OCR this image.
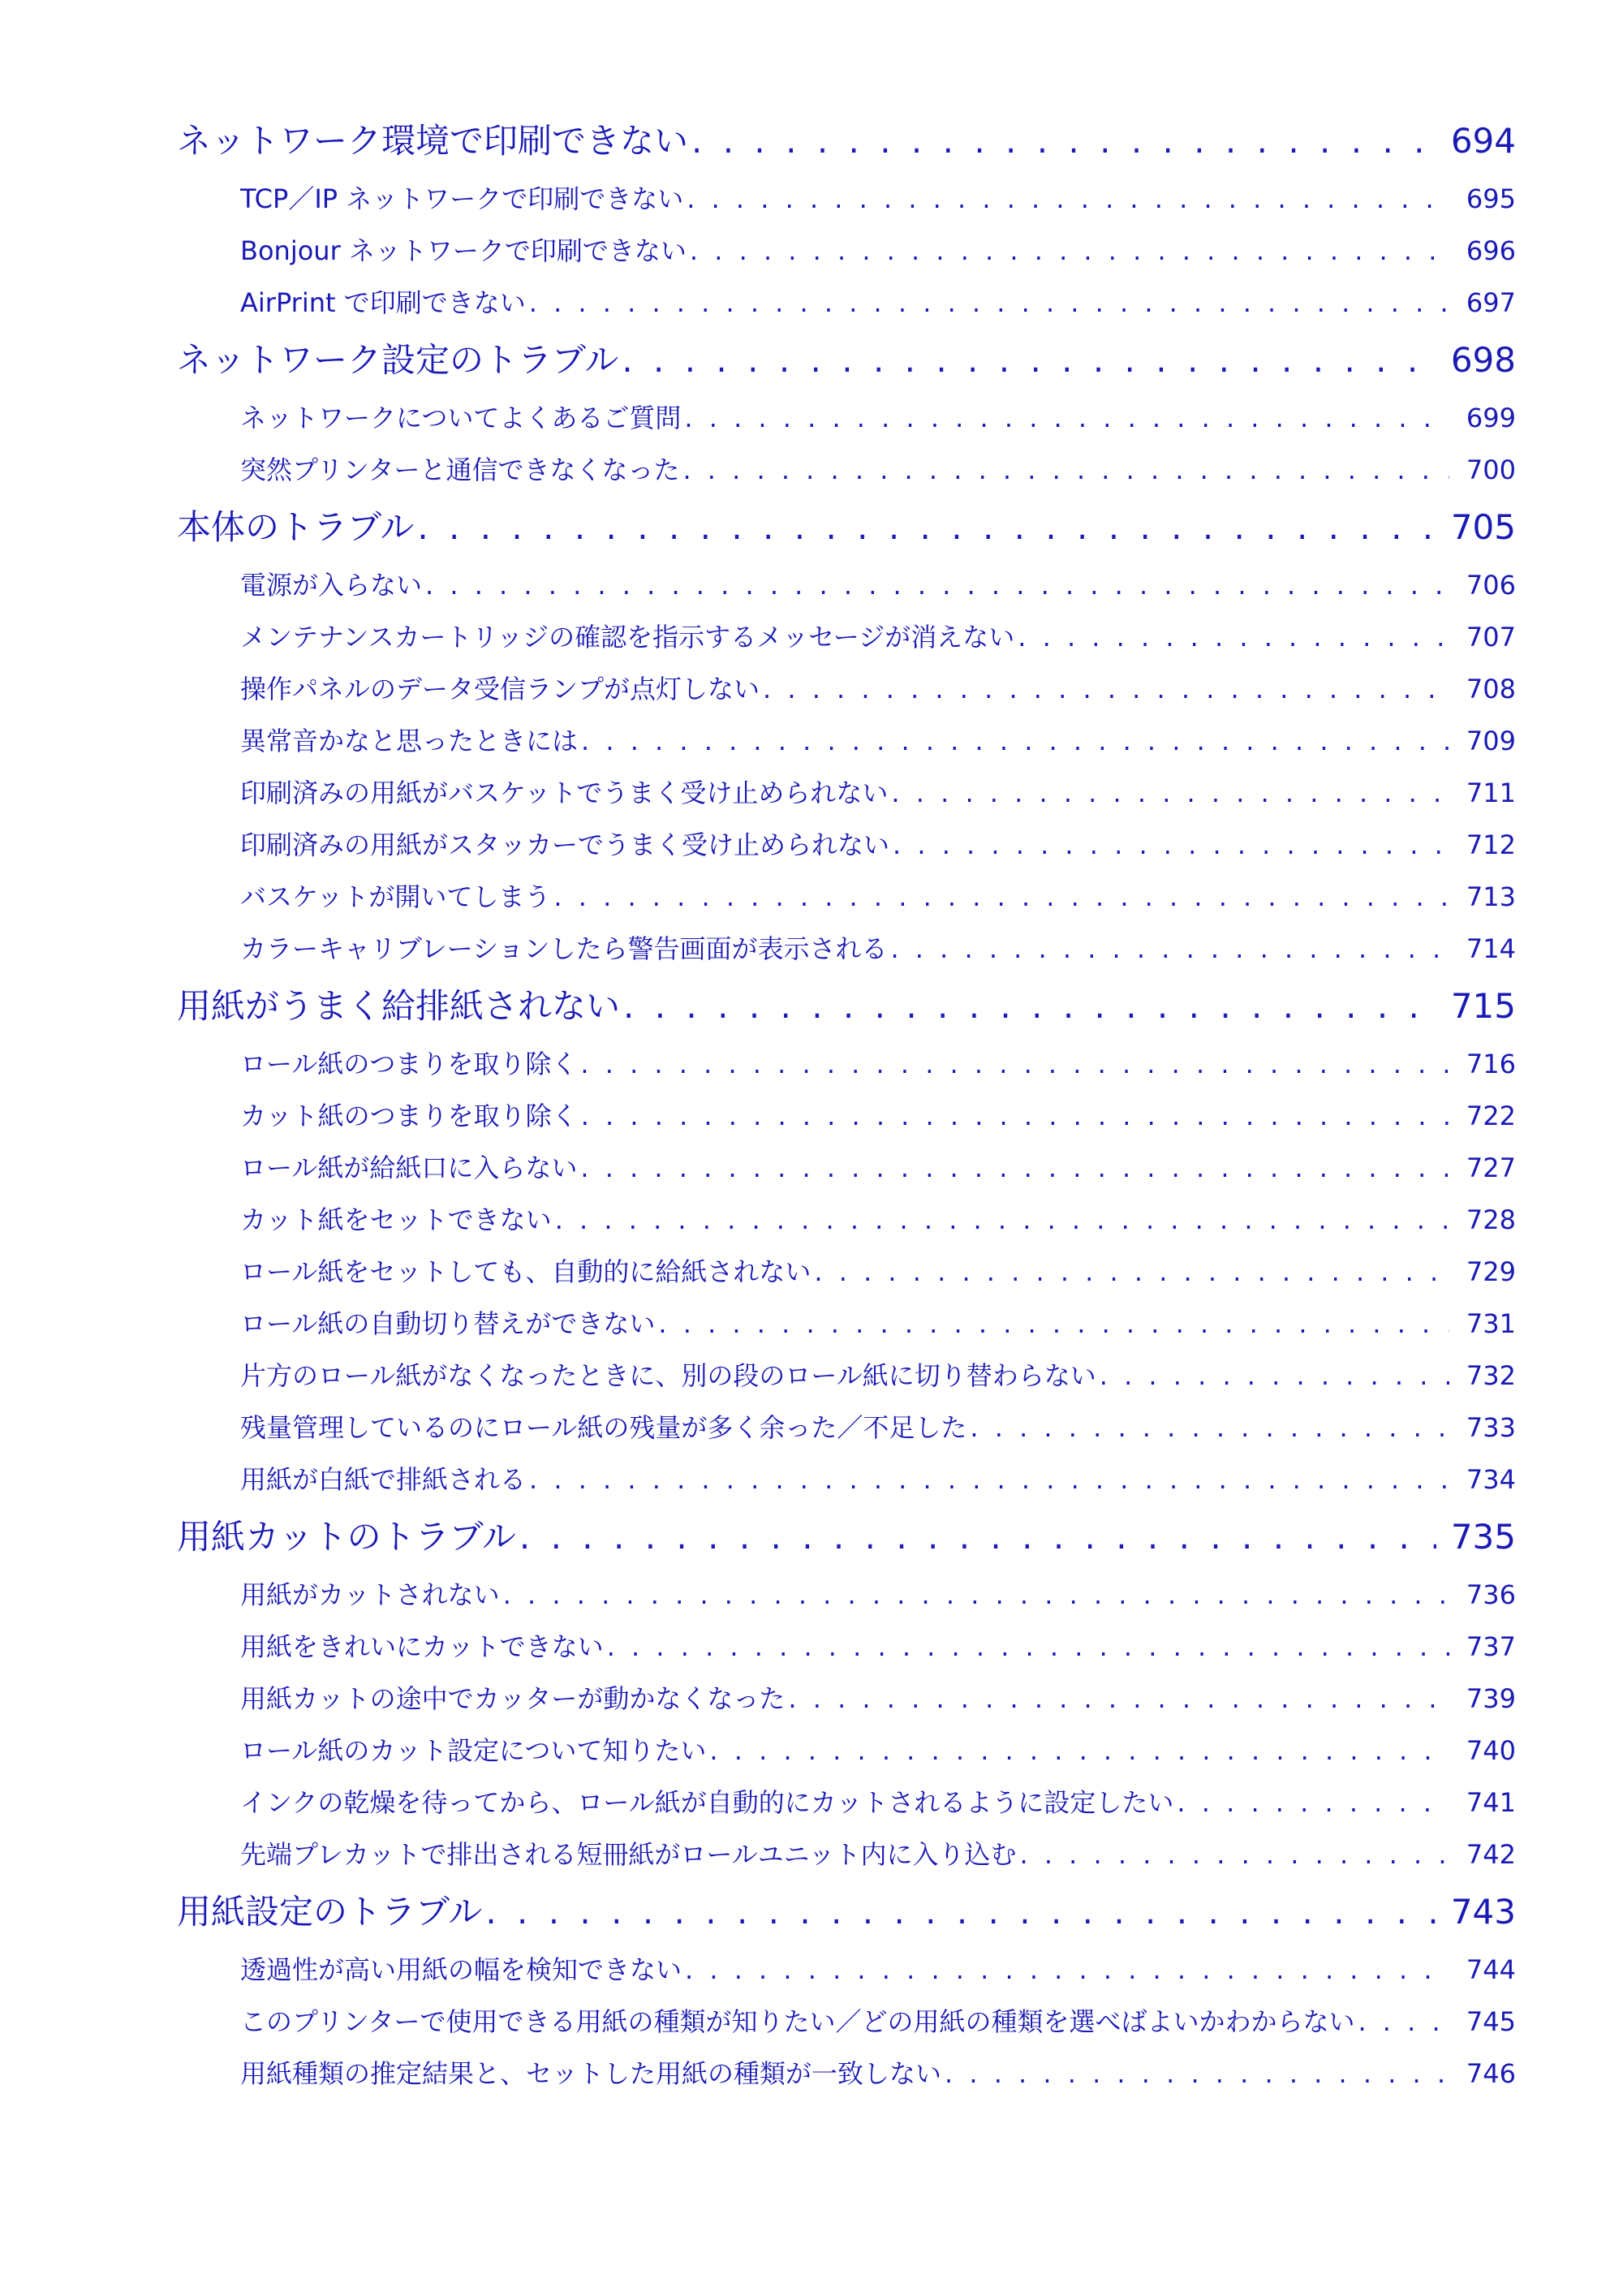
ネットワーク環境で印刷できない . . .	694
TCP／IP ネットワークで印刷できない . . .	695
Bonjour ネットワークで印刷できない . . .	696
AirPrint で印刷できない . . .	697
ネットワーク設定のトラブル . . .	698
ネットワークについてよくあるご質問 . . .	699
突然プリンターと通信できなくなった . . .	700
本体のトラブル . . .	705
電源が入らない . . .	706
メンテナンスカートリッジの確認を指示するメッセージが消えない . . .	707
操作パネルのデータ受信ランプが点灯しない . . .	708
異常音かなと思ったときには . . .	709
印刷済みの用紙がバスケットでうまく受け止められない . . .	711
印刷済みの用紙がスタッカーでうまく受け止められない . . .	712
バスケットが開いてしまう . . .	713
カラーキャリブレーションしたら警告画面が表示される . . .	714
用紙がうまく給排紙されない . . .	715
ロール紙のつまりを取り除く . . .	716
カット紙のつまりを取り除く . . .	722
ロール紙が給紙口に入らない . . .	727
カット紙をセットできない . . .	728
ロール紙をセットしても、自動的に給紙されない . . .	729
ロール紙の自動切り替えができない . . .	731
片方のロール紙がなくなったときに、別の段のロール紙に切り替わらない . . .	732
残量管理しているのにロール紙の残量が多く余った／不足した . . .	733
用紙が白紙で排紙される . . .	734
用紙カットのトラブル . . .	735
用紙がカットされない . . .	736
用紙をきれいにカットできない . . .	737
用紙カットの途中でカッターが動かなくなった . . .	739
ロール紙のカット設定について知りたい . . .	740
インクの乾燥を待ってから、ロール紙が自動的にカットされるように設定したい . . .	741
先端プレカットで排出される短冊紙がロールユニット内に入り込む . . .	742
用紙設定のトラブル . . .	743
透過性が高い用紙の幅を検知できない . . .	744
このプリンターで使用できる用紙の種類が知りたい／どの用紙の種類を選べばよいかわからない . . .	745
用紙種類の推定結果と、セットした用紙の種類が一致しない . . .	746
